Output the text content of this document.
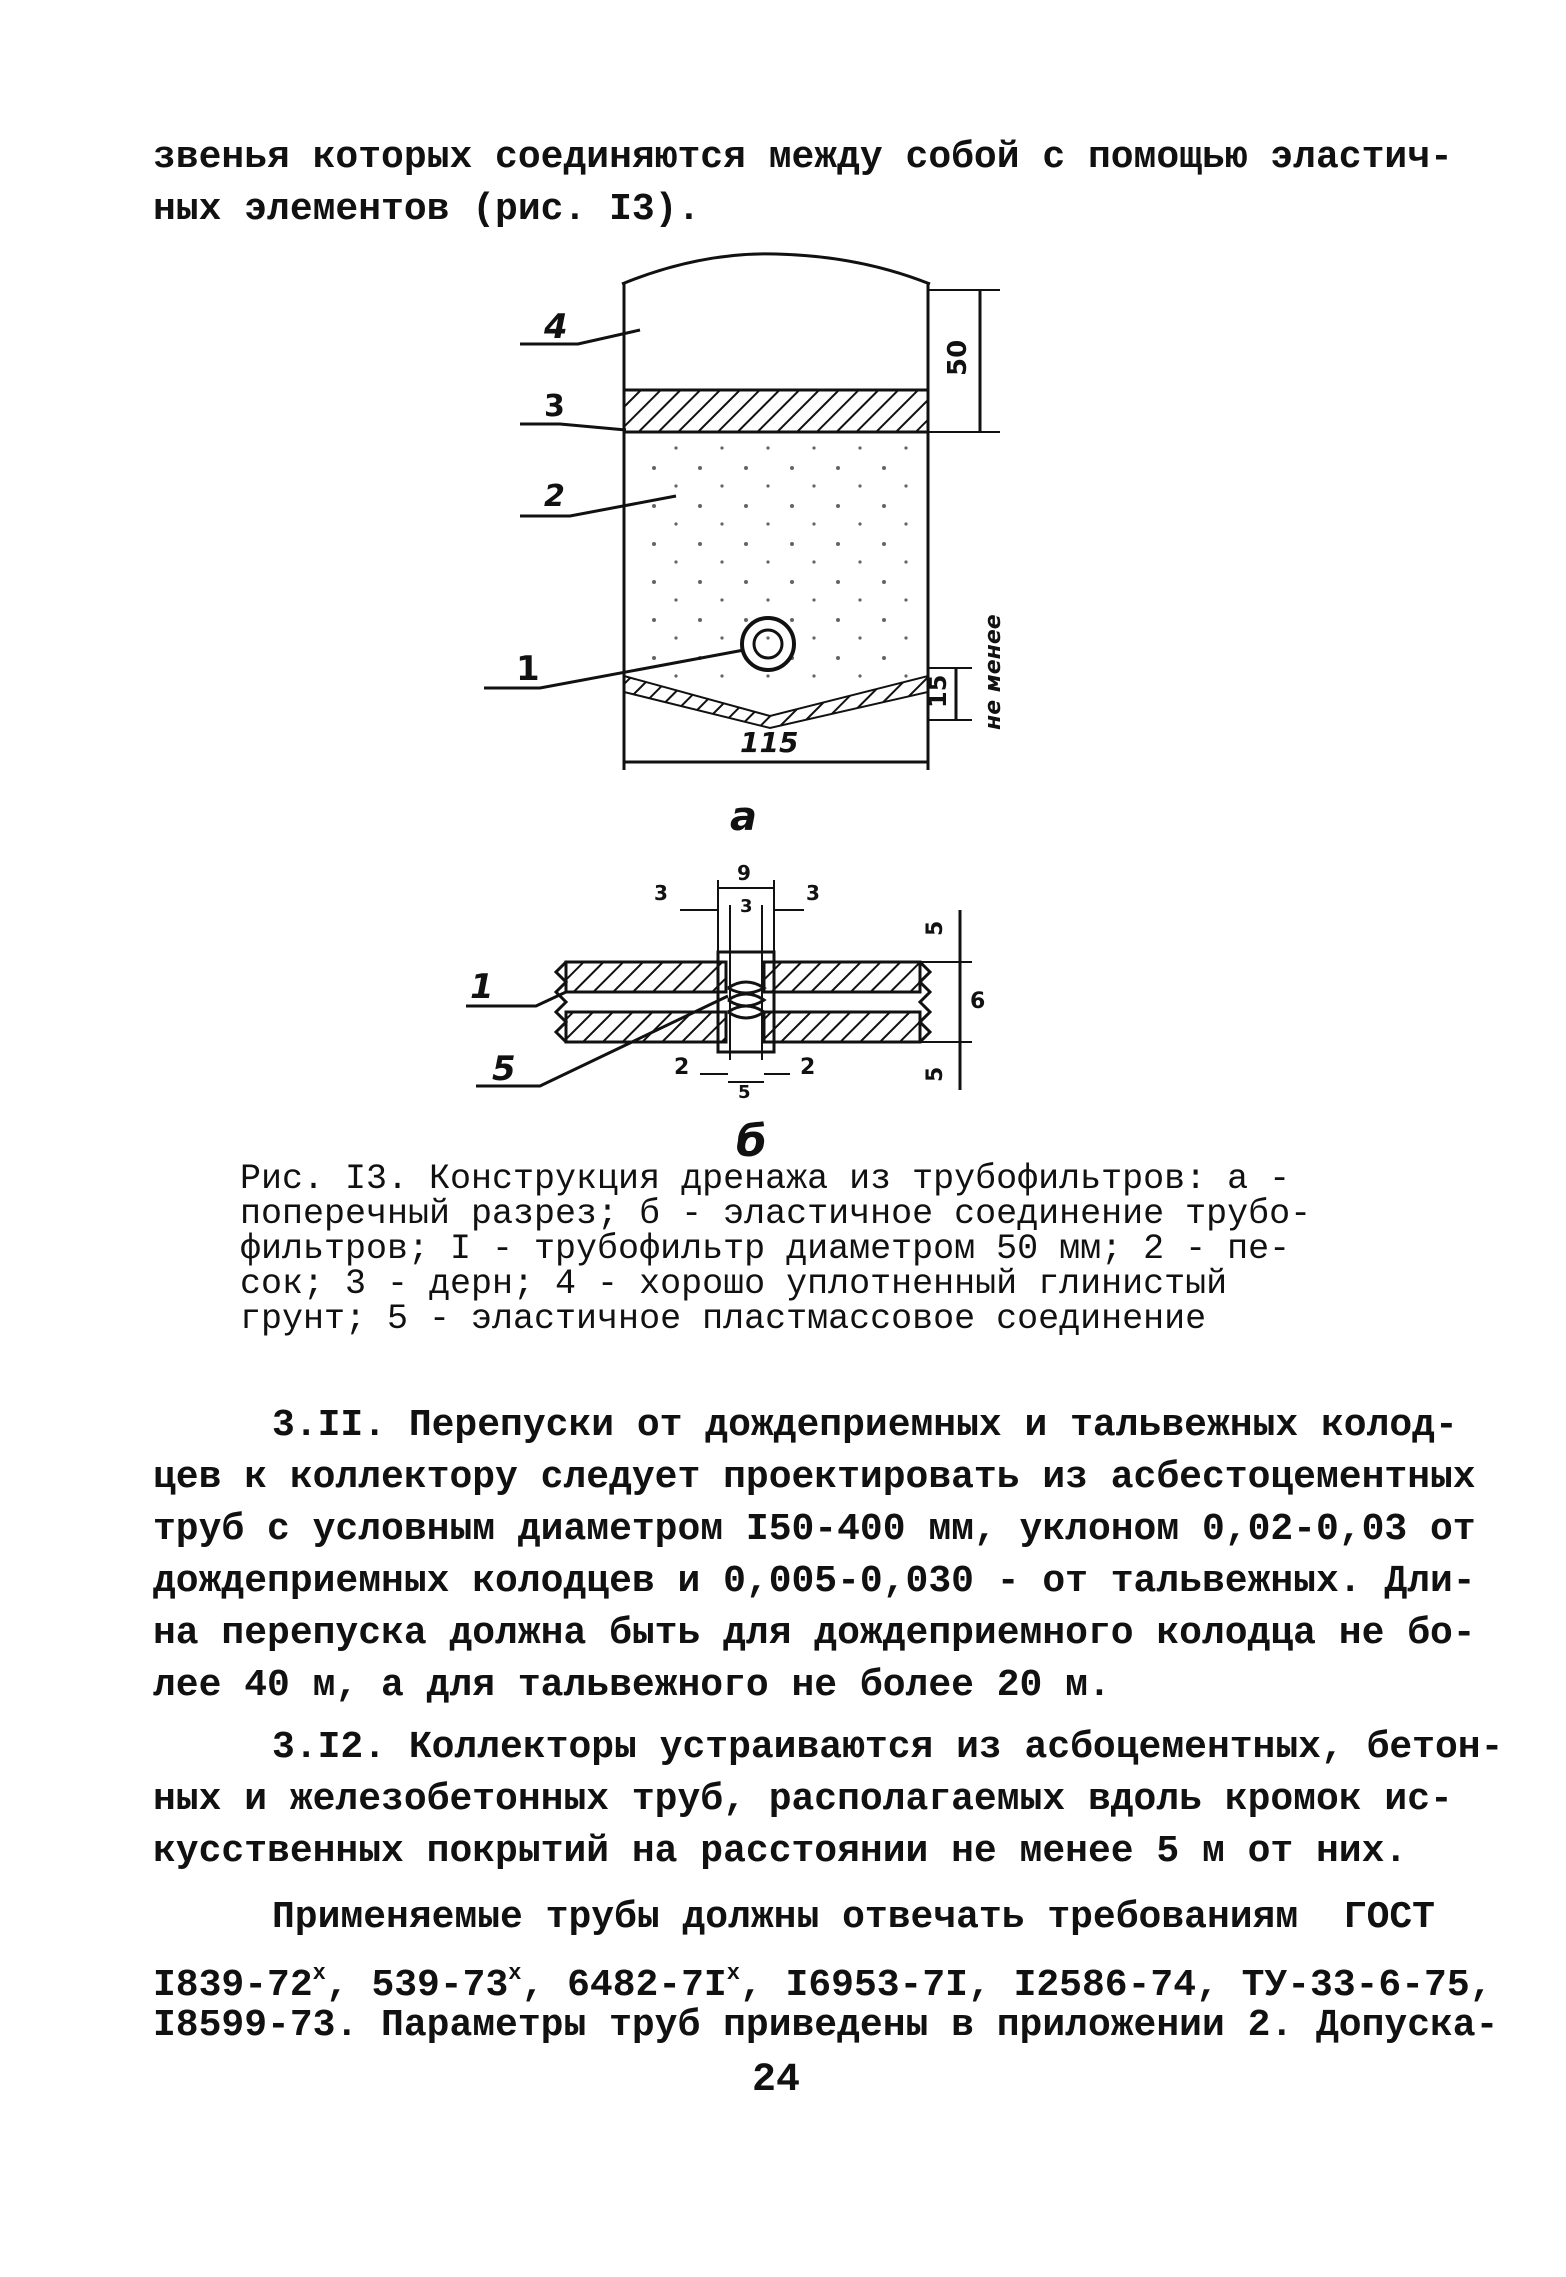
звенья которых соединяются между собой с помощью эластич-
ных элементов (рис. I3).
4
3
2
1
50
15 не менее
115
а
9
3
3
3
2
5
2
5
6
5
1
5
б
Рис. I3. Конструкция дренажа из трубофильтров: а -
поперечный разрез; б - эластичное соединение трубо-
фильтров; I - трубофильтр диаметром 50 мм; 2 - пе-
сок; 3 - дерн; 4 - хорошо уплотненный глинистый
грунт; 5 - эластичное пластмассовое соединение
3.II. Перепуски от дождеприемных и тальвежных колод-
цев к коллектору следует проектировать из асбестоцементных
труб с условным диаметром I50-400 мм, уклоном 0,02-0,03 от
дождеприемных колодцев и 0,005-0,030 - от тальвежных. Дли-
на перепуска должна быть для дождеприемного колодца не бо-
лее 40 м, а для тальвежного не более 20 м.
3.I2. Коллекторы устраиваются из асбоцементных, бетон-
ных и железобетонных труб, располагаемых вдоль кромок ис-
кусственных покрытий на расстоянии не менее 5 м от них.
Применяемые трубы должны отвечать требованиям  ГОСТ
$I839-72^х$, $539-73^х$, $6482-7I^х$, I6953-7I, I2586-74, ТУ-33-6-75,
I8599-73. Параметры труб приведены в приложении 2. Допуска-
24
